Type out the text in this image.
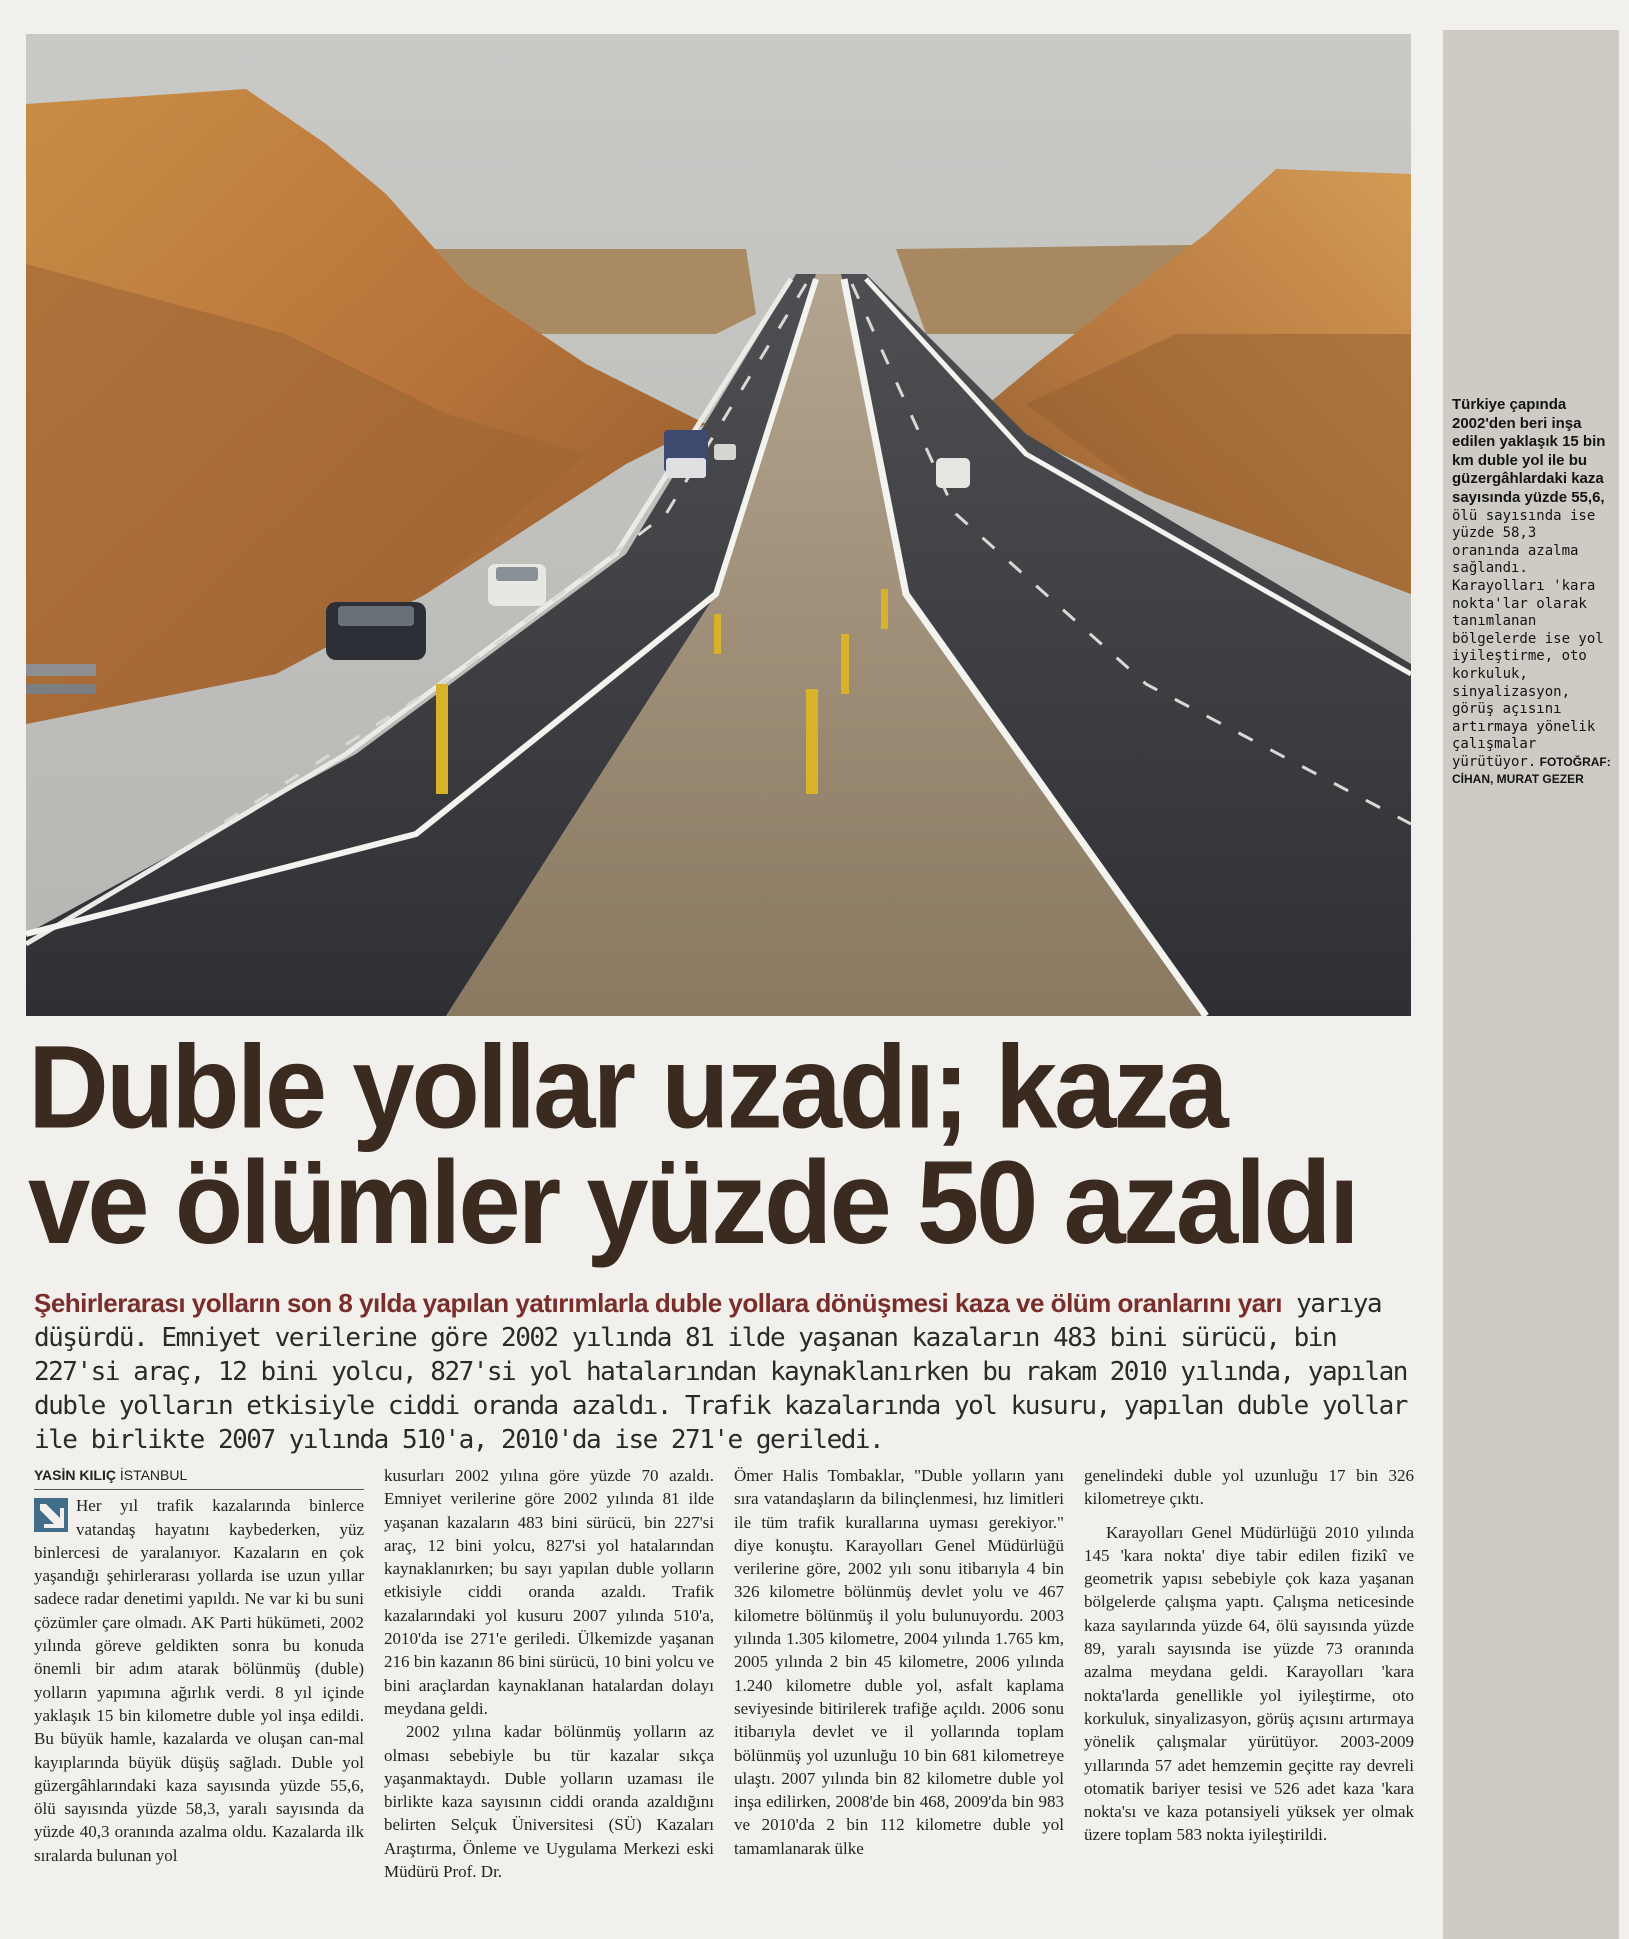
Türkiye çapında 2002'den beri inşa edilen yaklaşık 15 bin km duble yol ile bu güzergâhlardaki kaza sayısında yüzde 55,6, ölü sayısında ise yüzde 58,3 oranında azalma sağlandı. Karayolları 'kara nokta'lar olarak tanımlanan bölgelerde ise yol iyileştirme, oto korkuluk, sinyalizasyon, görüş açısını artırmaya yönelik çalışmalar yürütüyor. FOTOĞRAF: CİHAN, MURAT GEZER
Duble yollar uzadı; kaza
ve ölümler yüzde 50 azaldı
Şehirlerarası yolların son 8 yılda yapılan yatırımlarla duble yollara dönüşmesi kaza ve ölüm oranlarını yarı yarıya düşürdü. Emniyet verilerine göre 2002 yılında 81 ilde yaşanan kazaların 483 bini sürücü, bin 227'si araç, 12 bini yolcu, 827'si yol hatalarından kaynaklanırken bu rakam 2010 yılında, yapılan duble yolların etkisiyle ciddi oranda azaldı. Trafik kazalarında yol kusuru, yapılan duble yollar ile birlikte 2007 yılında 510'a, 2010'da ise 271'e geriledi.
YASİN KILIÇ İSTANBUL

Her yıl trafik kazalarında binlerce vatandaş hayatını kaybederken, yüz binlercesi de yaralanıyor. Kazaların en çok yaşandığı şehirlerarası yollarda ise uzun yıllar sadece radar denetimi yapıldı. Ne var ki bu suni çözümler çare olmadı. AK Parti hükümeti, 2002 yılında göreve geldikten sonra bu konuda önemli bir adım atarak bölünmüş (duble) yolların yapımına ağırlık verdi. 8 yıl içinde yaklaşık 15 bin kilometre duble yol inşa edildi. Bu büyük hamle, kazalarda ve oluşan can-mal kayıplarında büyük düşüş sağladı. Duble yol güzergâhlarındaki kaza sayısında yüzde 55,6, ölü sayısında yüzde 58,3, yaralı sayısında da yüzde 40,3 oranında azalma oldu. Kazalarda ilk sıralarda bulunan yol

kusurları 2002 yılına göre yüzde 70 azaldı. Emniyet verilerine göre 2002 yılında 81 ilde yaşanan kazaların 483 bini sürücü, bin 227'si araç, 12 bini yolcu, 827'si yol hatalarından kaynaklanırken; bu sayı yapılan duble yolların etkisiyle ciddi oranda azaldı. Trafik kazalarındaki yol kusuru 2007 yılında 510'a, 2010'da ise 271'e geriledi. Ülkemizde yaşanan 216 bin kazanın 86 bini sürücü, 10 bini yolcu ve bini araçlardan kaynaklanan hatalardan dolayı meydana geldi.

2002 yılına kadar bölünmüş yolların az olması sebebiyle bu tür kazalar sıkça yaşanmaktaydı. Duble yolların uzaması ile birlikte kaza sayısının ciddi oranda azaldığını belirten Selçuk Üniversitesi (SÜ) Kazaları Araştırma, Önleme ve Uygulama Merkezi eski Müdürü Prof. Dr.

Ömer Halis Tombaklar, "Duble yolların yanı sıra vatandaşların da bilinçlenmesi, hız limitleri ile tüm trafik kurallarına uyması gerekiyor." diye konuştu. Karayolları Genel Müdürlüğü verilerine göre, 2002 yılı sonu itibarıyla 4 bin 326 kilometre bölünmüş devlet yolu ve 467 kilometre bölünmüş il yolu bulunuyordu. 2003 yılında 1.305 kilometre, 2004 yılında 1.765 km, 2005 yılında 2 bin 45 kilometre, 2006 yılında 1.240 kilometre duble yol, asfalt kaplama seviyesinde bitirilerek trafiğe açıldı. 2006 sonu itibarıyla devlet ve il yollarında toplam bölünmüş yol uzunluğu 10 bin 681 kilometreye ulaştı. 2007 yılında bin 82 kilometre duble yol inşa edilirken, 2008'de bin 468, 2009'da bin 983 ve 2010'da 2 bin 112 kilometre duble yol tamamlanarak ülke

genelindeki duble yol uzunluğu 17 bin 326 kilometreye çıktı.

Karayolları Genel Müdürlüğü 2010 yılında 145 'kara nokta' diye tabir edilen fizikî ve geometrik yapısı sebebiyle çok kaza yaşanan bölgelerde çalışma yaptı. Çalışma neticesinde kaza sayılarında yüzde 64, ölü sayısında yüzde 89, yaralı sayısında ise yüzde 73 oranında azalma meydana geldi. Karayolları 'kara nokta'larda genellikle yol iyileştirme, oto korkuluk, sinyalizasyon, görüş açısını artırmaya yönelik çalışmalar yürütüyor. 2003-2009 yıllarında 57 adet hemzemin geçitte ray devreli otomatik bariyer tesisi ve 526 adet kaza 'kara nokta'sı ve kaza potansiyeli yüksek yer olmak üzere toplam 583 nokta iyileştirildi.
